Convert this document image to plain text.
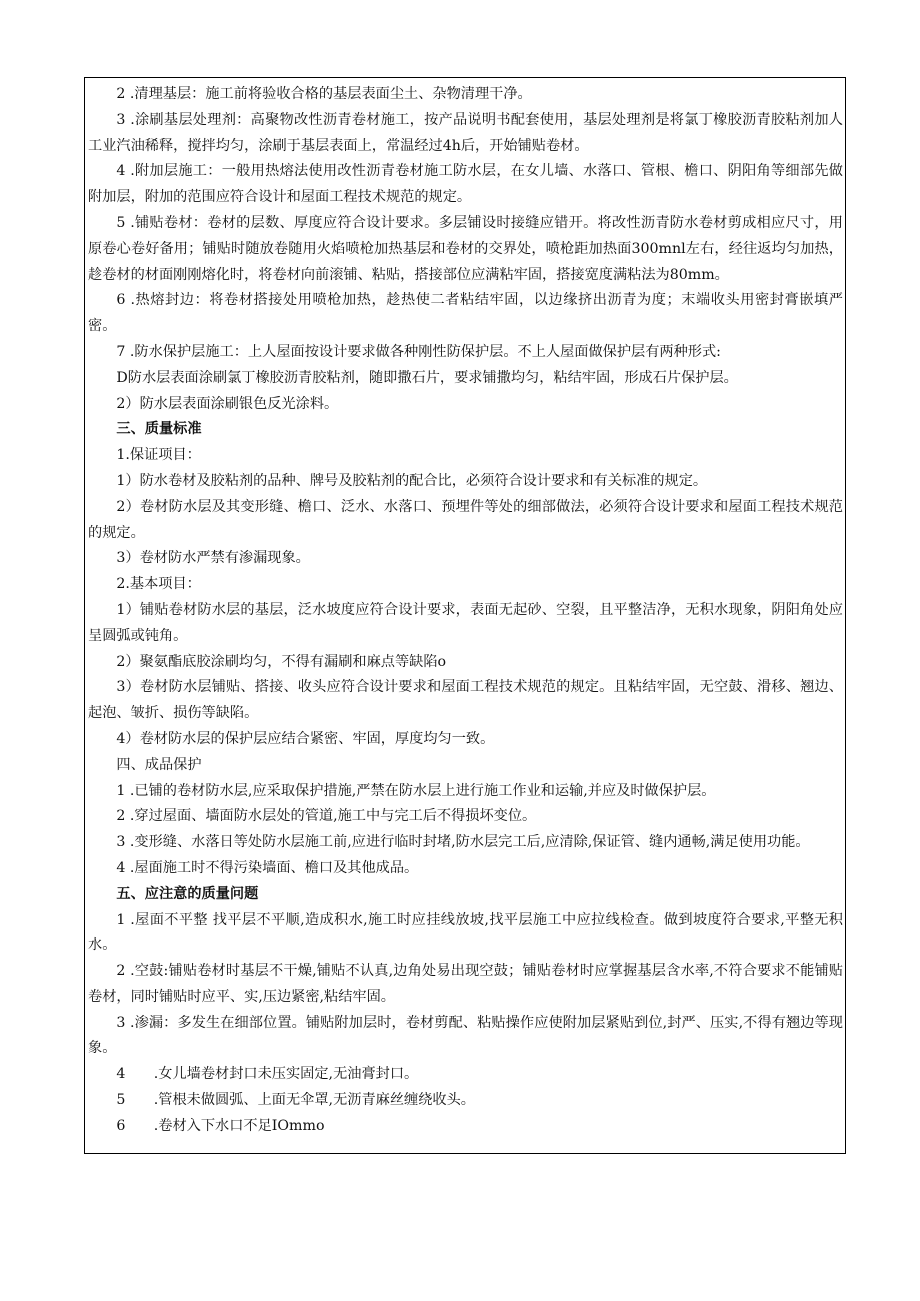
2 .清理基层：施工前将验收合格的基层表面尘土、杂物清理干净。

3 .涂刷基层处理剂：高聚物改性沥青卷材施工，按产品说明书配套使用，基层处理剂是将氯丁橡胶沥青胶粘剂加人工业汽油稀释，搅拌均匀，涂刷于基层表面上，常温经过4h后，开始铺贴卷材。

4 .附加层施工：一般用热熔法使用改性沥青卷材施工防水层，在女儿墙、水落口、管根、檐口、阴阳角等细部先做附加层，附加的范围应符合设计和屋面工程技术规范的规定。

5 .铺贴卷材：卷材的层数、厚度应符合设计要求。多层铺设时接缝应错开。将改性沥青防水卷材剪成相应尺寸，用原卷心卷好备用；铺贴时随放卷随用火焰喷枪加热基层和卷材的交界处，喷枪距加热面300mnl左右，经往返均匀加热，趁卷材的材面刚刚熔化时，将卷材向前滚铺、粘贴，搭接部位应满粘牢固，搭接宽度满粘法为80mm。

6 .热熔封边：将卷材搭接处用喷枪加热，趁热使二者粘结牢固，以边缘挤出沥青为度；末端收头用密封膏嵌填严密。

7 .防水保护层施工：上人屋面按设计要求做各种刚性防保护层。不上人屋面做保护层有两种形式:

D防水层表面涂刷氯丁橡胶沥青胶粘剂，随即撒石片，要求铺撒均匀，粘结牢固，形成石片保护层。

2）防水层表面涂刷银色反光涂料。

三、质量标准

1.保证项目：

1）防水卷材及胶粘剂的品种、牌号及胶粘剂的配合比，必须符合设计要求和有关标准的规定。

2）卷材防水层及其变形缝、檐口、泛水、水落口、预埋件等处的细部做法，必须符合设计要求和屋面工程技术规范的规定。

3）卷材防水严禁有渗漏现象。

2.基本项目：

1）铺贴卷材防水层的基层，泛水坡度应符合设计要求，表面无起砂、空裂，且平整洁净，无积水现象，阴阳角处应呈圆弧或钝角。

2）聚氨酯底胶涂刷均匀，不得有漏刷和麻点等缺陷o

3）卷材防水层铺贴、搭接、收头应符合设计要求和屋面工程技术规范的规定。且粘结牢固，无空鼓、滑移、翘边、起泡、皱折、损伤等缺陷。

4）卷材防水层的保护层应结合紧密、牢固，厚度均匀一致。

四、成品保护

1 .已铺的卷材防水层,应采取保护措施,严禁在防水层上进行施工作业和运输,并应及时做保护层。

2 .穿过屋面、墙面防水层处的管道,施工中与完工后不得损坏变位。

3 .变形缝、水落日等处防水层施工前,应进行临时封堵,防水层完工后,应清除,保证管、缝内通畅,满足使用功能。

4 .屋面施工时不得污染墙面、檐口及其他成品。

五、应注意的质量问题

1 .屋面不平整 找平层不平顺,造成积水,施工时应挂线放坡,找平层施工中应拉线检查。做到坡度符合要求,平整无积水。

2 .空鼓:铺贴卷材时基层不干燥,铺贴不认真,边角处易出现空鼓；铺贴卷材时应掌握基层含水率,不符合要求不能铺贴卷材，同时铺贴时应平、实,压边紧密,粘结牢固。

3 .渗漏：多发生在细部位置。铺贴附加层时，卷材剪配、粘贴操作应使附加层紧贴到位,封严、压实,不得有翘边等现象。

4　　.女儿墙卷材封口未压实固定,无油膏封口。

5　　.管根未做圆弧、上面无伞罩,无沥青麻丝缠绕收头。

6　　.卷材入下水口不足IOmmo
